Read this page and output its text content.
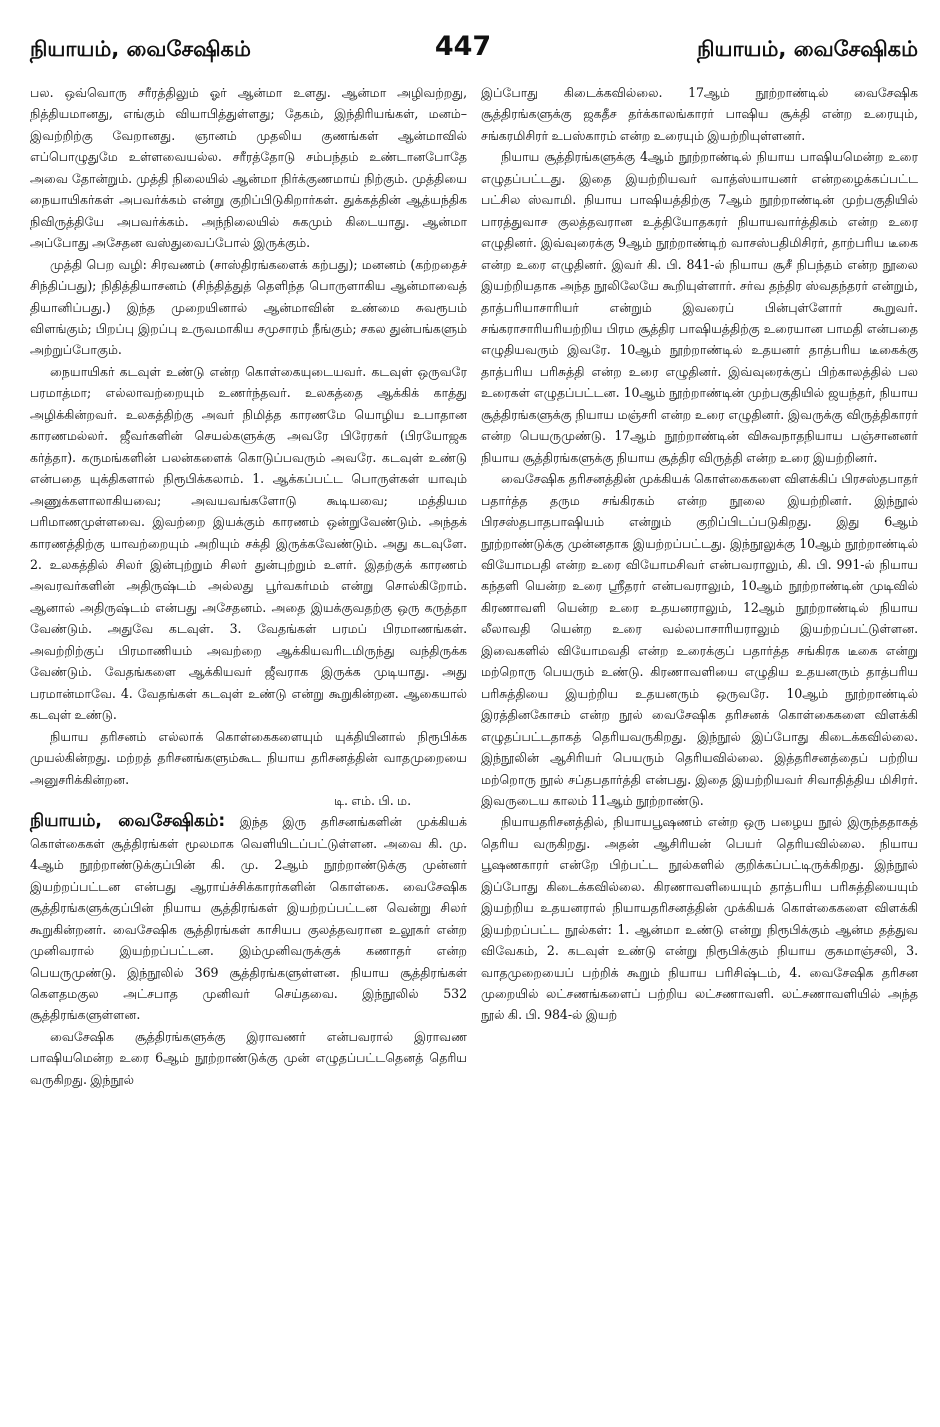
நியாயம், வைசேஷிகம்	447	நியாயம், வைசேஷிகம்

பல. ஒவ்வொரு சரீரத்திலும் ஓர் ஆன்மா உளது. ஆன்மா அழிவற்றது, நித்தியமானது, எங்கும் வியாபித்துள்ளது; தேகம், இந்திரியங்கள், மனம்–இவற்றிற்கு வேறானது. ஞானம் முதலிய குணங்கள் ஆன்மாவில் எப்பொழுதுமே உள்ளவையல்ல. சரீரத்தோடு சம்பந்தம் உண்டானபோதே அவை தோன்றும். முத்தி நிலையில் ஆன்மா நிர்க்குணமாய் நிற்கும். முத்தியை நையாயிகர்கள் அபவர்க்கம் என்று குறிப்பிடுகிறார்கள். துக்கத்தின் ஆத்யந்திக நிவிருத்தியே அபவர்க்கம். அந்நிலையில் சுகமும் கிடையாது. ஆன்மா அப்போது அசேதன வஸ்துவைப்போல் இருக்கும்.

முத்தி பெற வழி: சிரவணம் (சாஸ்திரங்களைக் கற்பது); மனனம் (கற்றதைச் சிந்திப்பது); நிதித்தியாசனம் (சிந்தித்துத் தெளிந்த பொருளாகிய ஆன்மாவைத் தியானிப்பது.) இந்த முறையினால் ஆன்மாவின் உண்மை சுவரூபம் விளங்கும்; பிறப்பு இறப்பு உருவமாகிய சமுசாரம் நீங்கும்; சகல துன்பங்களும் அற்றுப்போகும்.

நையாயிகர் கடவுள் உண்டு என்ற கொள்கையுடையவர். கடவுள் ஒருவரே பரமாத்மா; எல்லாவற்றையும் உணர்ந்தவர். உலகத்தை ஆக்கிக் காத்து அழிக்கின்றவர். உலகத்திற்கு அவர் நிமித்த காரணமே யொழிய உபாதான காரணமல்லர். ஜீவர்களின் செயல்களுக்கு அவரே பிரேரகர் (பிரயோஜக கர்த்தா). கருமங்களின் பலன்களைக் கொடுப்பவரும் அவரே. கடவுள் உண்டு என்பதை யுக்திகளால் நிரூபிக்கலாம். 1. ஆக்கப்பட்ட பொருள்கள் யாவும் அணுக்களாலாகியவை; அவயவங்களோடு கூடியவை; மத்தியம பரிமாணமுள்ளவை. இவற்றை இயக்கும் காரணம் ஒன்றுவேண்டும். அந்தக் காரணத்திற்கு யாவற்றையும் அறியும் சக்தி இருக்கவேண்டும். அது கடவுளே. 2. உலகத்தில் சிலர் இன்புற்றும் சிலர் துன்புற்றும் உளர். இதற்குக் காரணம் அவரவர்களின் அதிருஷ்டம் அல்லது பூர்வகர்மம் என்று சொல்கிறோம். ஆனால் அதிருஷ்டம் என்பது அசேதனம். அதை இயக்குவதற்கு ஒரு கருத்தா வேண்டும். அதுவே கடவுள். 3. வேதங்கள் பரமப் பிரமாணங்கள். அவற்றிற்குப் பிரமாணியம் அவற்றை ஆக்கியவரிடமிருந்து வந்திருக்க வேண்டும். வேதங்களை ஆக்கியவர் ஜீவராக இருக்க முடியாது. அது பரமான்மாவே. 4. வேதங்கள் கடவுள் உண்டு என்று கூறுகின்றன. ஆகையால் கடவுள் உண்டு.

நியாய தரிசனம் எல்லாக் கொள்கைகளையும் யுக்தியினால் நிரூபிக்க முயல்கின்றது. மற்றத் தரிசனங்களும்கூட நியாய தரிசனத்தின் வாதமுறையை அனுசரிக்கின்றன.

டி. எம். பி. ம.

நியாயம், வைசேஷிகம்: இந்த இரு தரிசனங்களின் முக்கியக் கொள்கைகள் சூத்திரங்கள் மூலமாக வெளியிடப்பட்டுள்ளன. அவை கி. மு. 4ஆம் நூற்றாண்டுக்குப்பின் கி. மு. 2ஆம் நூற்றாண்டுக்கு முன்னர் இயற்றப்பட்டன என்பது ஆராய்ச்சிக்காரர்களின் கொள்கை. வைசேஷிக சூத்திரங்களுக்குப்பின் நியாய சூத்திரங்கள் இயற்றப்பட்டன வென்று சிலர் கூறுகின்றனர். வைசேஷிக சூத்திரங்கள் காசியப குலத்தவரான உலூகர் என்ற முனிவரால் இயற்றப்பட்டன. இம்முனிவருக்குக் கணாதர் என்ற பெயருமுண்டு. இந்நூலில் 369 சூத்திரங்களுள்ளன. நியாய சூத்திரங்கள் கௌதமகுல அட்சபாத முனிவர் செய்தவை. இந்நூலில் 532 சூத்திரங்களுள்ளன.

வைசேஷிக சூத்திரங்களுக்கு இராவணர் என்பவரால் இராவண பாஷியமென்ற உரை 6ஆம் நூற்றாண்டுக்கு முன் எழுதப்பட்டதெனத் தெரிய வருகிறது. இந்நூல்

இப்போது கிடைக்கவில்லை. 17ஆம் நூற்றாண்டில் வைசேஷிக சூத்திரங்களுக்கு ஜகதீச தர்க்காலங்காரர் பாஷிய சூக்தி என்ற உரையும், சங்கரமிசிரர் உபஸ்காரம் என்ற உரையும் இயற்றியுள்ளனர்.

நியாய சூத்திரங்களுக்கு 4ஆம் நூற்றாண்டில் நியாய பாஷியமென்ற உரை எழுதப்பட்டது. இதை இயற்றியவர் வாத்ஸ்யாயனர் என்றழைக்கப்பட்ட பட்சில ஸ்வாமி. நியாய பாஷியத்திற்கு 7ஆம் நூற்றாண்டின் முற்பகுதியில் பாரத்துவாச குலத்தவரான உத்தியோதகரர் நியாயவார்த்திகம் என்ற உரை எழுதினர். இவ்வுரைக்கு 9ஆம் நூற்றாண்டிற் வாசஸ்பதிமிசிரர், தாற்பரிய டீகை என்ற உரை எழுதினர். இவர் கி. பி. 841-ல் நியாய சூசீ நிபந்தம் என்ற நூலை இயற்றியதாக அந்த நூலிலேயே கூறியுள்ளார். சர்வ தந்திர ஸ்வதந்தரர் என்றும், தாத்பரியாசாரியர் என்றும் இவரைப் பின்புள்ளோர் கூறுவர். சங்கராசாரியரியற்றிய பிரம சூத்திர பாஷியத்திற்கு உரையான பாமதி என்பதை எழுதியவரும் இவரே. 10ஆம் நூற்றாண்டில் உதயனர் தாத்பரிய டீகைக்கு தாத்பரிய பரிசுத்தி என்ற உரை எழுதினர். இவ்வுரைக்குப் பிற்காலத்தில் பல உரைகள் எழுதப்பட்டன. 10ஆம் நூற்றாண்டின் முற்பகுதியில் ஜயந்தர், நியாய சூத்திரங்களுக்கு நியாய மஞ்சரி என்ற உரை எழுதினர். இவருக்கு விருத்திகாரர் என்ற பெயருமுண்டு. 17ஆம் நூற்றாண்டின் விசுவநாதநியாய பஞ்சானனர் நியாய சூத்திரங்களுக்கு நியாய சூத்திர விருத்தி என்ற உரை இயற்றினர்.

வைசேஷிக தரிசனத்தின் முக்கியக் கொள்கைகளை விளக்கிப் பிரசஸ்தபாதர் பதார்த்த தரும சங்கிரகம் என்ற நூலை இயற்றினர். இந்நூல் பிரசஸ்தபாதபாஷியம் என்றும் குறிப்பிடப்படுகிறது. இது 6ஆம் நூற்றாண்டுக்கு முன்னதாக இயற்றப்பட்டது. இந்நூலுக்கு 10ஆம் நூற்றாண்டில் வியோமபதி என்ற உரை வியோமசிவர் என்பவராலும், கி. பி. 991-ல் நியாய கந்தளி யென்ற உரை ஸ்ரீதரர் என்பவராலும், 10ஆம் நூற்றாண்டின் முடிவில் கிரணாவளி யென்ற உரை உதயனராலும், 12ஆம் நூற்றாண்டில் நியாய லீலாவதி யென்ற உரை வல்லபாசாரியராலும் இயற்றப்பட்டுள்ளன. இவைகளில் வியோமவதி என்ற உரைக்குப் பதார்த்த சங்கிரக டீகை என்று மற்றொரு பெயரும் உண்டு. கிரணாவளியை எழுதிய உதயனரும் தாத்பரிய பரிசுத்தியை இயற்றிய உதயனரும் ஒருவரே. 10ஆம் நூற்றாண்டில் இரத்தினகோசம் என்ற நூல் வைசேஷிக தரிசனக் கொள்கைகளை விளக்கி எழுதப்பட்டதாகத் தெரியவருகிறது. இந்நூல் இப்போது கிடைக்கவில்லை. இந்நூலின் ஆசிரியர் பெயரும் தெரியவில்லை. இத்தரிசனத்தைப் பற்றிய மற்றொரு நூல் சப்தபதார்த்தி என்பது. இதை இயற்றியவர் சிவாதித்திய மிசிரர். இவருடைய காலம் 11ஆம் நூற்றாண்டு.

நியாயதரிசனத்தில், நியாயபூஷணம் என்ற ஒரு பழைய நூல் இருந்ததாகத் தெரிய வருகிறது. அதன் ஆசிரியன் பெயர் தெரியவில்லை. நியாய பூஷணகாரர் என்றே பிற்பட்ட நூல்களில் குறிக்கப்பட்டிருக்கிறது. இந்நூல் இப்போது கிடைக்கவில்லை. கிரணாவளியையும் தாத்பரிய பரிசுத்தியையும் இயற்றிய உதயனரால் நியாயதரிசனத்தின் முக்கியக் கொள்கைகளை விளக்கி இயற்றப்பட்ட நூல்கள்: 1. ஆன்மா உண்டு என்று நிரூபிக்கும் ஆன்ம தத்துவ விவேகம், 2. கடவுள் உண்டு என்று நிரூபிக்கும் நியாய குசுமாஞ்சலி, 3. வாதமுறையைப் பற்றிக் கூறும் நியாய பரிசிஷ்டம், 4. வைசேஷிக தரிசன முறையில் லட்சணங்களைப் பற்றிய லட்சணாவளி. லட்சணாவளியில் அந்த நூல் கி. பி. 984-ல் இயற்
